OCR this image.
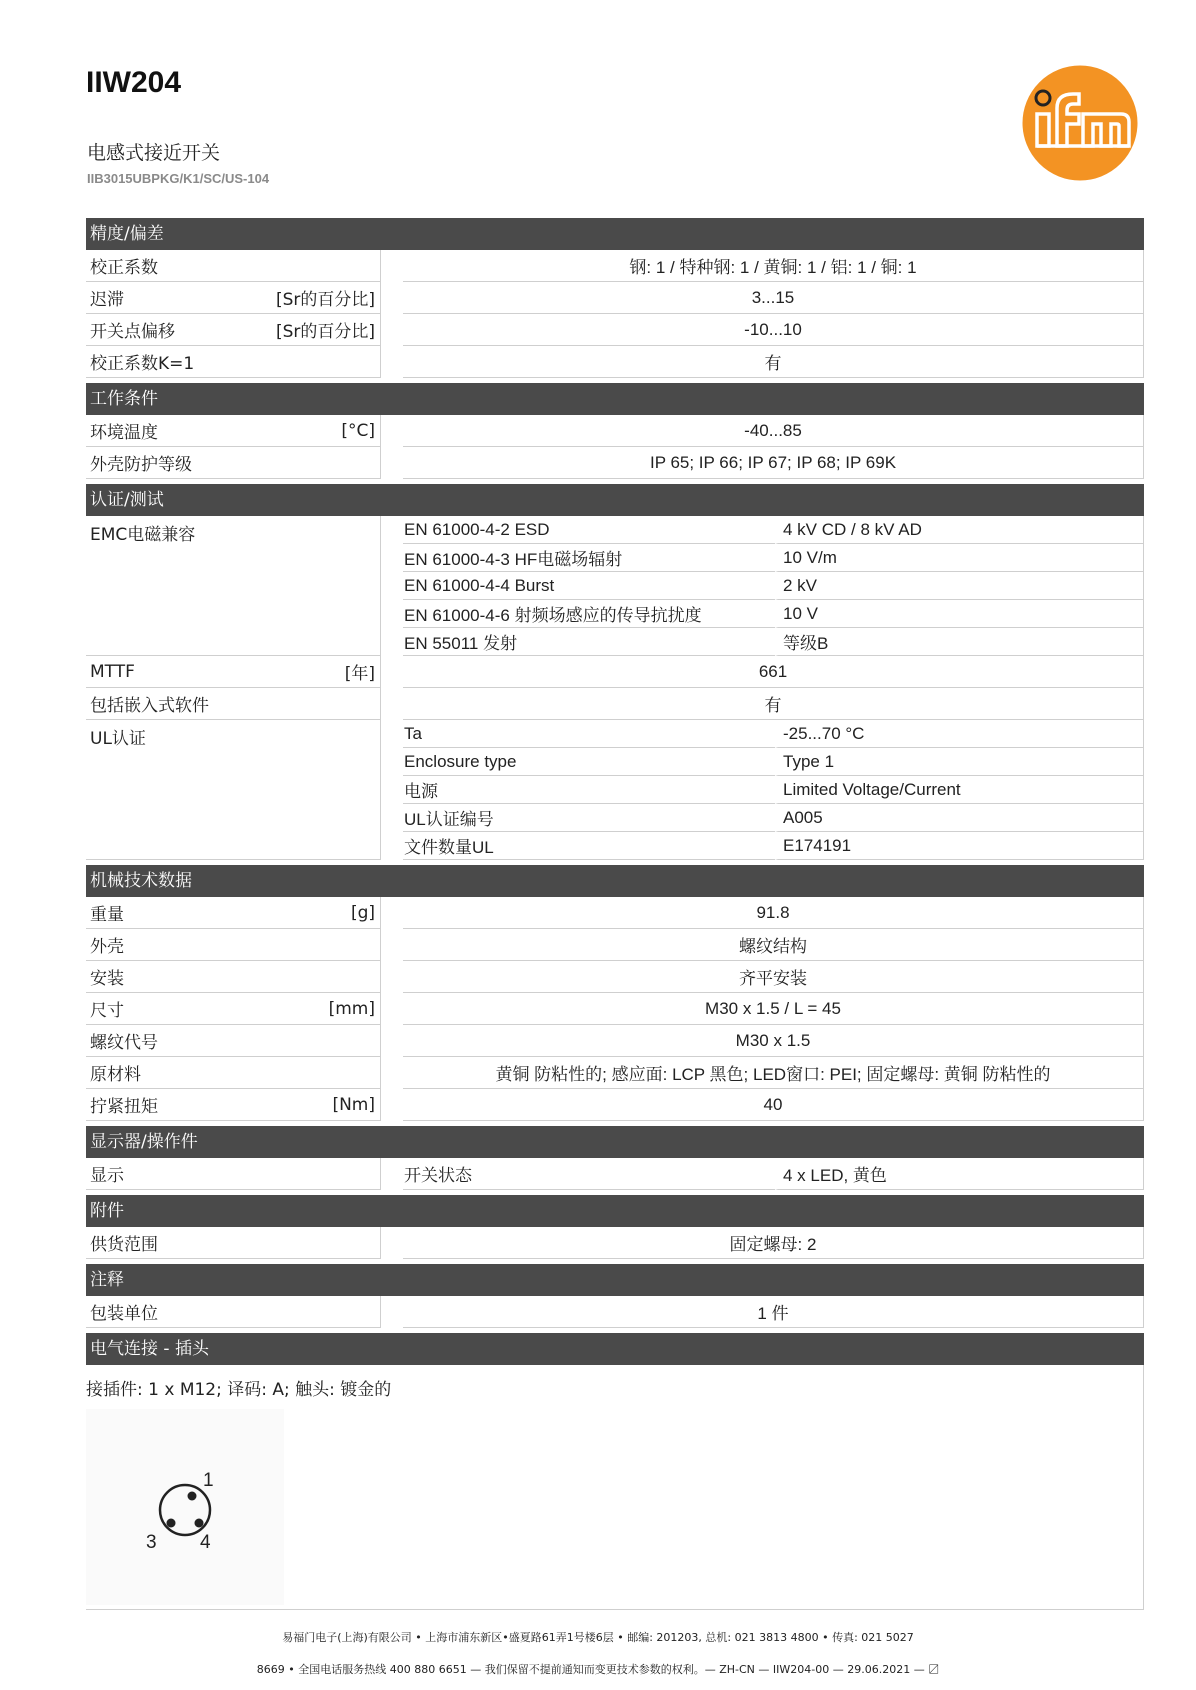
IIW204
电感式接近开关
IIB3015UBPKG/K1/SC/US-104
精度/偏差
校正系数	钢: 1 / 特种钢: 1 / 黄铜: 1 / 铝: 1 / 铜: 1
迟滞	[Sr的百分比]	3...15
开关点偏移	[Sr的百分比]	-10...10
校正系数K=1	有
工作条件
环境温度	[°C]	-40...85
外壳防护等级	IP 65; IP 66; IP 67; IP 68; IP 69K
认证/测试
EMC电磁兼容	EN 61000-4-2 ESD	4 kV CD / 8 kV AD
EN 61000-4-3 HF电磁场辐射	10 V/m
EN 61000-4-4 Burst	2 kV
EN 61000-4-6 射频场感应的传导抗扰度	10 V
EN 55011 发射	等级B
MTTF	[年]	661
包括嵌入式软件	有
UL认证	Ta	-25...70 °C
Enclosure type	Type 1
电源	Limited Voltage/Current
UL认证编号	A005
文件数量UL	E174191
机械技术数据
重量	[g]	91.8
外壳	螺纹结构
安装	齐平安装
尺寸	[mm]	M30 x 1.5 / L = 45
螺纹代号	M30 x 1.5
原材料	黄铜 防粘性的; 感应面: LCP 黑色; LED窗口: PEI; 固定螺母: 黄铜 防粘性的
拧紧扭矩	[Nm]	40
显示器/操作件
显示	开关状态	4 x LED, 黄色
附件
供货范围	固定螺母: 2
注释
包装单位	1 件
电气连接 - 插头
接插件: 1 x M12; 译码: A; 触头: 镀金的
1
3 4
易福门电子(上海)有限公司 • 上海市浦东新区•盛夏路61弄1号楼6层 • 邮编: 201203, 总机: 021 3813 4800 • 传真: 021 5027
8669 • 全国电话服务热线 400 880 6651 — 我们保留不提前通知而变更技术参数的权利。— ZH-CN — IIW204-00 — 29.06.2021 — 〼
